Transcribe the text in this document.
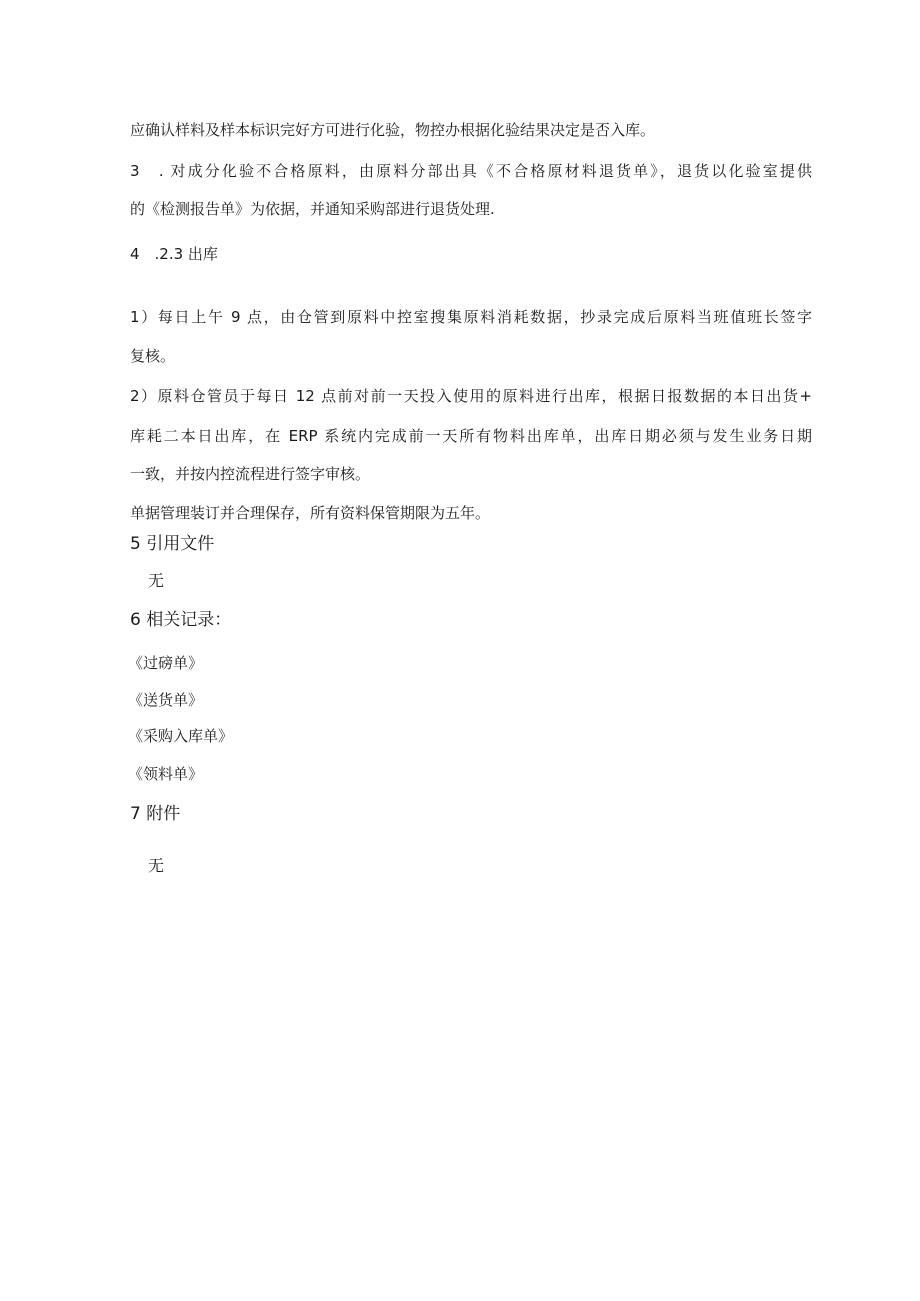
应确认样料及样本标识完好方可进行化验，物控办根据化验结果决定是否入库。
3　. 对成分化验不合格原料，由原料分部出具《不合格原材料退货单》，退货以化验室提供
的《检测报告单》为依据，并通知采购部进行退货处理.
4　.2.3 出库
1）每日上午 9 点，由仓管到原料中控室搜集原料消耗数据，抄录完成后原料当班值班长签字
复核。
2）原料仓管员于每日 12 点前对前一天投入使用的原料进行出库，根据日报数据的本日出货+
库耗二本日出库，在 ERP 系统内完成前一天所有物料出库单，出库日期必须与发生业务日期
一致，并按内控流程进行签字审核。
单据管理装订并合理保存，所有资料保管期限为五年。
5 引用文件
无
6 相关记录：
《过磅单》
《送货单》
《采购入库单》
《领料单》
7 附件
无
